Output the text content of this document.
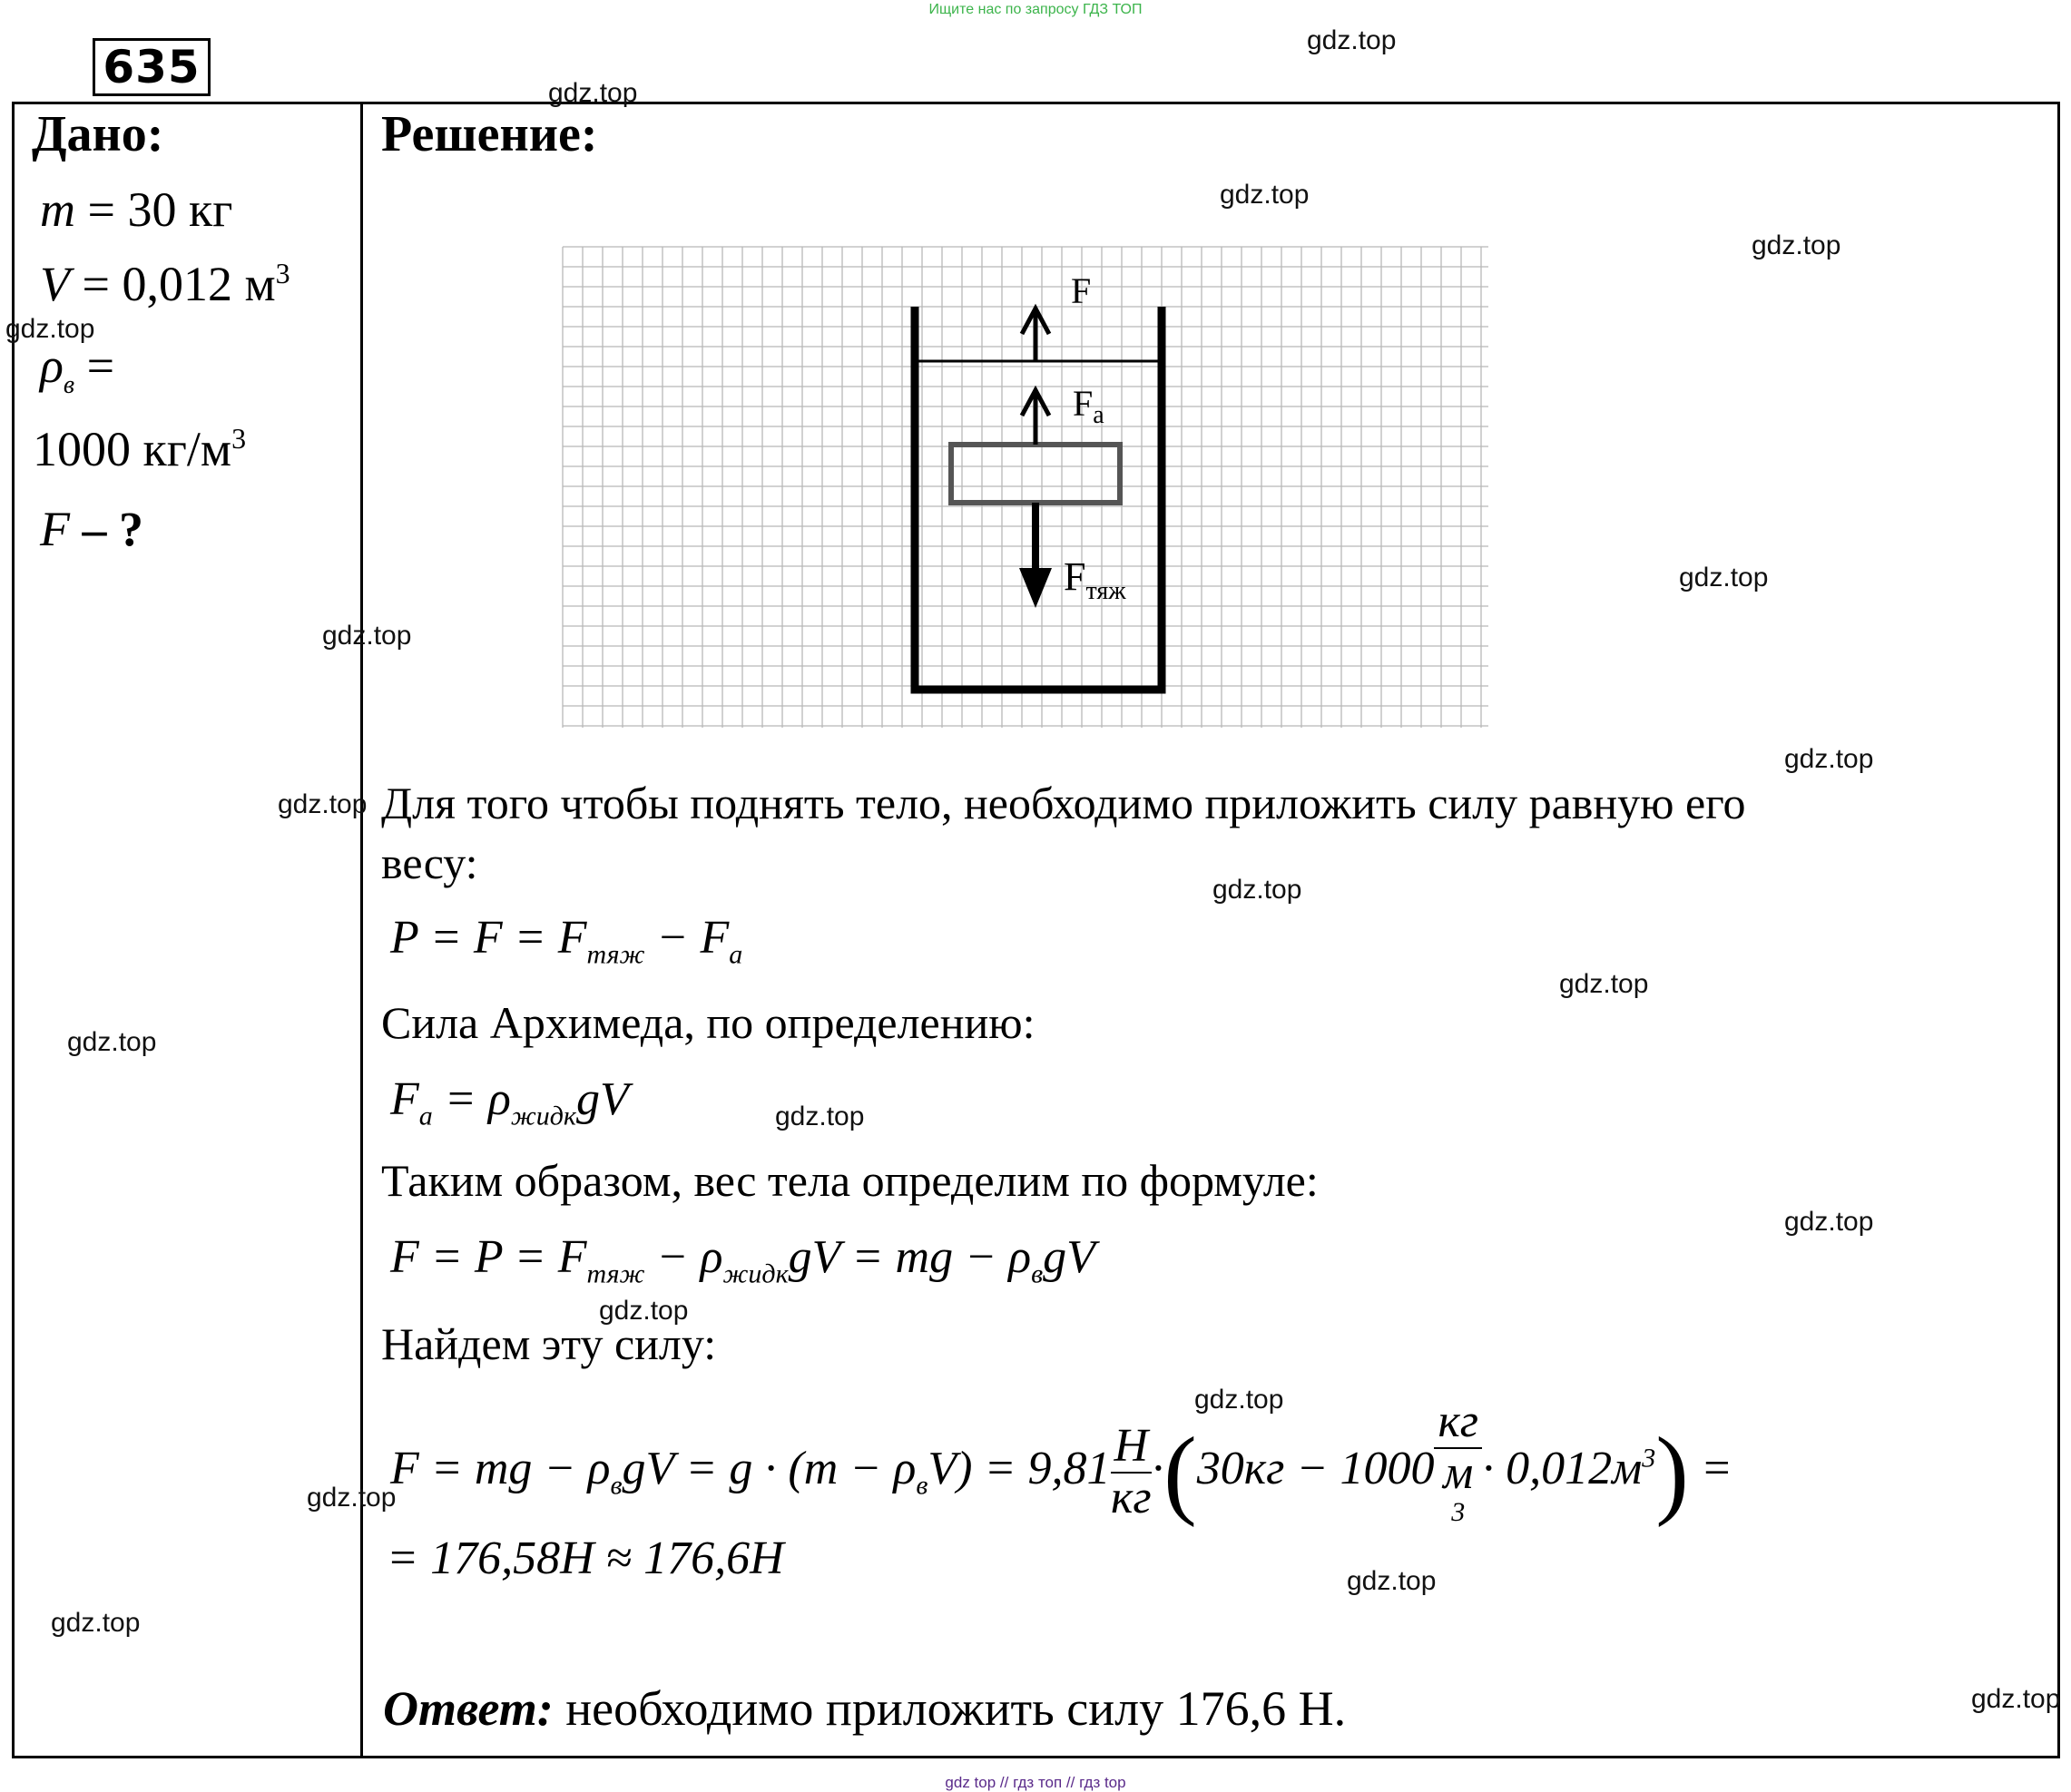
Ищите нас по запросу ГДЗ ТОП
635
Дано:
m = 30 кг
V = 0,012 $м^3$
$\rho_в$ =
1000 $кг/м^3$
F – ?
Решение:
F
$F_a$
$F_{тяж}$
Для того чтобы поднять тело, необходимо приложить силу равную его
весу:
$P = F = F_{тяж} - F_a$
Сила Архимеда, по определению:
$F_a = \rho_{жидк}gV$
Таким образом, вес тела определим по формуле:
$F = P = F_{тяж} - \rho_{жидк}gV$ = mg − $\rho_вgV$
Найдем эту силу:
F = mg − $\rho_вgV = g \cdot (m - \rho_вV) = 9,81 \frac{Н}{кг} \cdot(30кг - 1000$ кг
м
$^3 \cdot 0,012м^3$) =
= 176,58Н ≈ 176,6Н
Ответ: необходимо приложить силу 176,6 Н.
gdz.top
gdz.top
gdz.top
gdz.top
gdz.top
gdz.top
gdz.top
gdz.top
gdz.top
gdz.top
gdz.top
gdz.top
gdz.top
gdz.top
gdz.top
gdz.top
gdz.top
gdz.top
gdz.top
gdz.top
gdz top // гдз топ // гдз top
